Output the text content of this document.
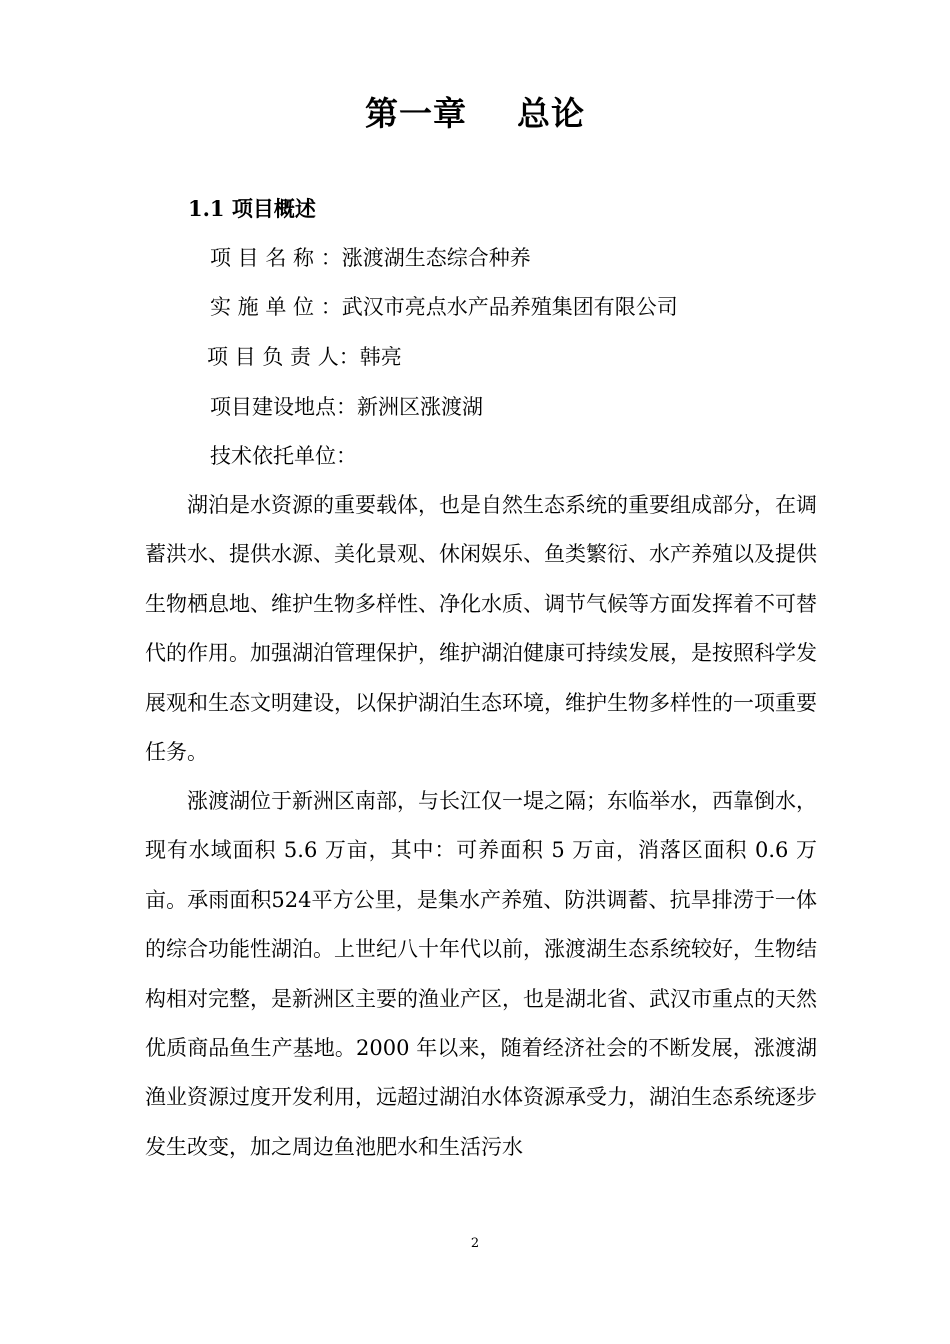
第一章    总论
1.1 项目概述
项 目 名 称 ：涨渡湖生态综合种养
实 施 单 位 ：武汉市亮点水产品养殖集团有限公司
项 目 负 责 人：韩亮
项目建设地点：新洲区涨渡湖
技术依托单位：

湖泊是水资源的重要载体，也是自然生态系统的重要组成部分，在调蓄洪水、提供水源、美化景观、休闲娱乐、鱼类繁衍、水产养殖以及提供生物栖息地、维护生物多样性、净化水质、调节气候等方面发挥着不可替代的作用。加强湖泊管理保护，维护湖泊健康可持续发展，是按照科学发展观和生态文明建设，以保护湖泊生态环境，维护生物多样性的一项重要任务。

涨渡湖位于新洲区南部，与长江仅一堤之隔；东临举水，西靠倒水，现有水域面积 5.6 万亩，其中：可养面积 5 万亩，消落区面积 0.6 万亩。承雨面积524平方公里，是集水产养殖、防洪调蓄、抗旱排涝于一体的综合功能性湖泊。上世纪八十年代以前，涨渡湖生态系统较好，生物结构相对完整，是新洲区主要的渔业产区，也是湖北省、武汉市重点的天然优质商品鱼生产基地。2000 年以来，随着经济社会的不断发展，涨渡湖渔业资源过度开发利用，远超过湖泊水体资源承受力，湖泊生态系统逐步发生改变，加之周边鱼池肥水和生活污水

2
